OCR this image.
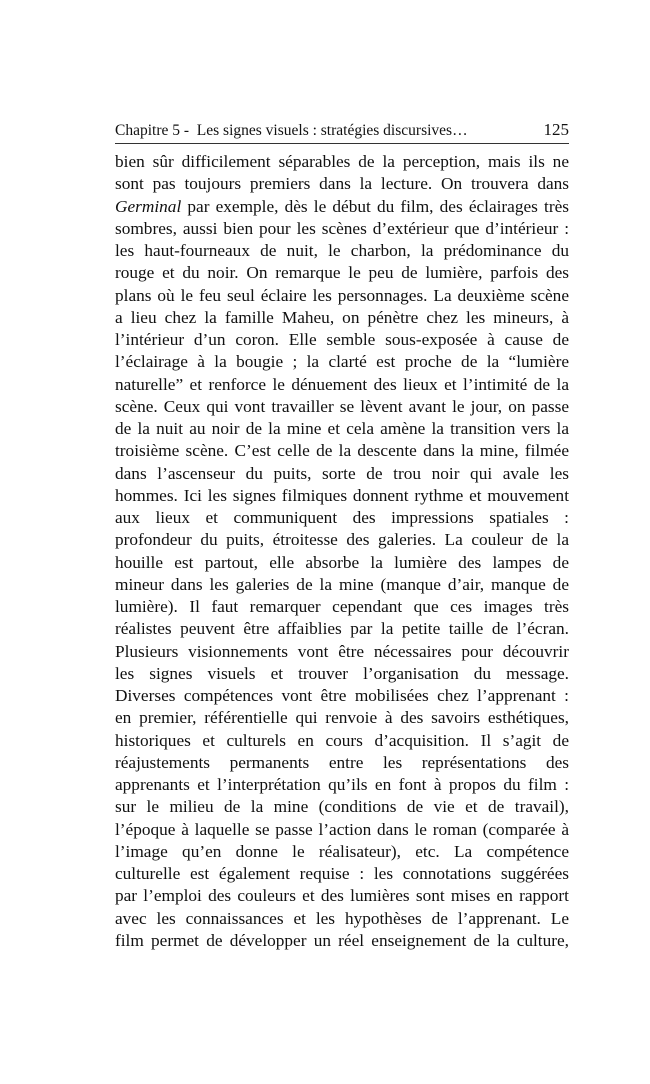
Chapitre 5 -  Les signes visuels : stratégies discursives…	125
bien sûr difficilement séparables de la perception, mais ils ne
sont pas toujours premiers dans la lecture. On trouvera dans
Germinal par exemple, dès le début du film, des éclairages très
sombres, aussi bien pour les scènes d’extérieur que d’intérieur :
les haut-fourneaux de nuit, le charbon, la prédominance du
rouge et du noir. On remarque le peu de lumière, parfois des
plans où le feu seul éclaire les personnages. La deuxième scène
a lieu chez la famille Maheu, on pénètre chez les mineurs, à
l’intérieur d’un coron. Elle semble sous-exposée à cause de
l’éclairage à la bougie ; la clarté est proche de la “lumière
naturelle” et renforce le dénuement des lieux et l’intimité de la
scène. Ceux qui vont travailler se lèvent avant le jour, on passe
de la nuit au noir de la mine et cela amène la transition vers la
troisième scène. C’est celle de la descente dans la mine, filmée
dans l’ascenseur du puits, sorte de trou noir qui avale les
hommes. Ici les signes filmiques donnent rythme et mouvement
aux lieux et communiquent des impressions spatiales :
profondeur du puits, étroitesse des galeries. La couleur de la
houille est partout, elle absorbe la lumière des lampes de
mineur dans les galeries de la mine (manque d’air, manque de
lumière). Il faut remarquer cependant que ces images très
réalistes peuvent être affaiblies par la petite taille de l’écran.
Plusieurs visionnements vont être nécessaires pour découvrir
les signes visuels et trouver l’organisation du message.
Diverses compétences vont être mobilisées chez l’apprenant :
en premier, référentielle qui renvoie à des savoirs esthétiques,
historiques et culturels en cours d’acquisition. Il s’agit de
réajustements permanents entre les représentations des
apprenants et l’interprétation qu’ils en font à propos du film :
sur le milieu de la mine (conditions de vie et de travail),
l’époque à laquelle se passe l’action dans le roman (comparée à
l’image qu’en donne le réalisateur), etc. La compétence
culturelle est également requise : les connotations suggérées
par l’emploi des couleurs et des lumières sont mises en rapport
avec les connaissances et les hypothèses de l’apprenant. Le
film permet de développer un réel enseignement de la culture,
